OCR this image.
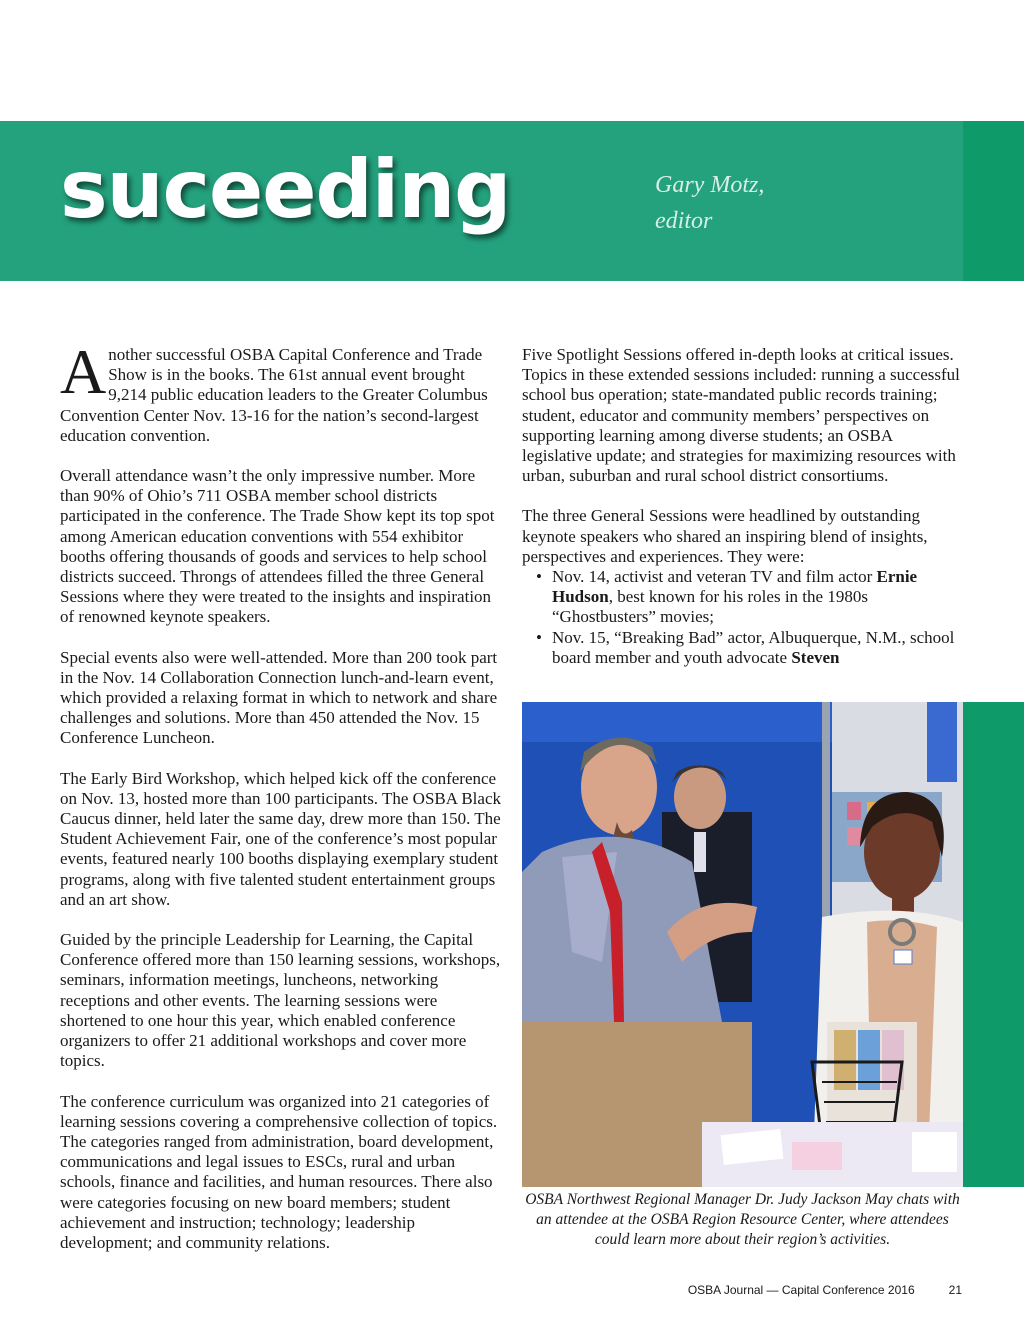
suceeding	Gary Motz,
editor

Another successful OSBA Capital Conference and Trade Show is in the books. The 61st annual event brought 9,214 public education leaders to the Greater Columbus Convention Center Nov. 13-16 for the nation’s second-largest education convention.

Overall attendance wasn’t the only impressive number. More than 90% of Ohio’s 711 OSBA member school districts participated in the conference. The Trade Show kept its top spot among American education conventions with 554 exhibitor booths offering thousands of goods and services to help school districts succeed. Throngs of attendees filled the three General Sessions where they were treated to the insights and inspiration of renowned keynote speakers.

Special events also were well-attended. More than 200 took part in the Nov. 14 Collaboration Connection lunch-and-learn event, which provided a relaxing format in which to network and share challenges and solutions. More than 450 attended the Nov. 15 Conference Luncheon.

The Early Bird Workshop, which helped kick off the conference on Nov. 13, hosted more than 100 participants. The OSBA Black Caucus dinner, held later the same day, drew more than 150. The Student Achievement Fair, one of the conference’s most popular events, featured nearly 100 booths displaying exemplary student programs, along with five talented student entertainment groups and an art show.

Guided by the principle Leadership for Learning, the Capital Conference offered more than 150 learning sessions, workshops, seminars, information meetings, luncheons, networking receptions and other events. The learning sessions were shortened to one hour this year, which enabled conference organizers to offer 21 additional workshops and cover more topics.

The conference curriculum was organized into 21 categories of learning sessions covering a comprehensive collection of topics. The categories ranged from administration, board development, communications and legal issues to ESCs, rural and urban schools, finance and facilities, and human resources. There also were categories focusing on new board members; student achievement and instruction; technology; leadership development; and community relations.

Five Spotlight Sessions offered in-depth looks at critical issues. Topics in these extended sessions included: running a successful school bus operation; state-mandated public records training; student, educator and community members’ perspectives on supporting learning among diverse students; an OSBA legislative update; and strategies for maximizing resources with urban, suburban and rural school district consortiums.

The three General Sessions were headlined by outstanding keynote speakers who shared an inspiring blend of insights, perspectives and experiences. They were:

• Nov. 14, activist and veteran TV and film actor Ernie Hudson, best known for his roles in the 1980s “Ghostbusters” movies;
• Nov. 15, “Breaking Bad” actor, Albuquerque, N.M., school board member and youth advocate Steven
OSBA Northwest Regional Manager Dr. Judy Jackson May chats with an attendee at the OSBA Region Resource Center, where attendees could learn more about their region’s activities.
OSBA Journal — Capital Conference 2016	21
